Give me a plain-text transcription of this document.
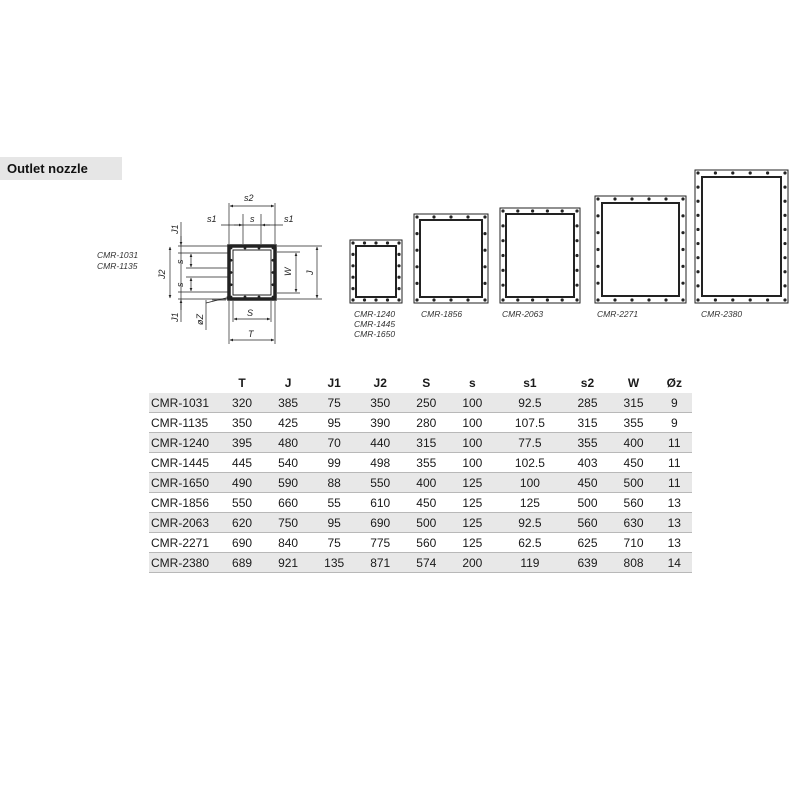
Outlet nozzle
CMR-1031
CMR-1135
s2
s1	s	s1
J1
J2
s
s
J1
W J
øZ
S
T
CMR-1240
CMR-1445
CMR-1650
CMR-1856	CMR-2063	CMR-2271	CMR-2380
	T	J	J1	J2	S	s	s1	s2	W	Øz
CMR-1031	320	385	75	350	250	100	92.5	285	315	9
CMR-1135	350	425	95	390	280	100	107.5	315	355	9
CMR-1240	395	480	70	440	315	100	77.5	355	400	11
CMR-1445	445	540	99	498	355	100	102.5	403	450	11
CMR-1650	490	590	88	550	400	125	100	450	500	11
CMR-1856	550	660	55	610	450	125	125	500	560	13
CMR-2063	620	750	95	690	500	125	92.5	560	630	13
CMR-2271	690	840	75	775	560	125	62.5	625	710	13
CMR-2380	689	921	135	871	574	200	119	639	808	14
